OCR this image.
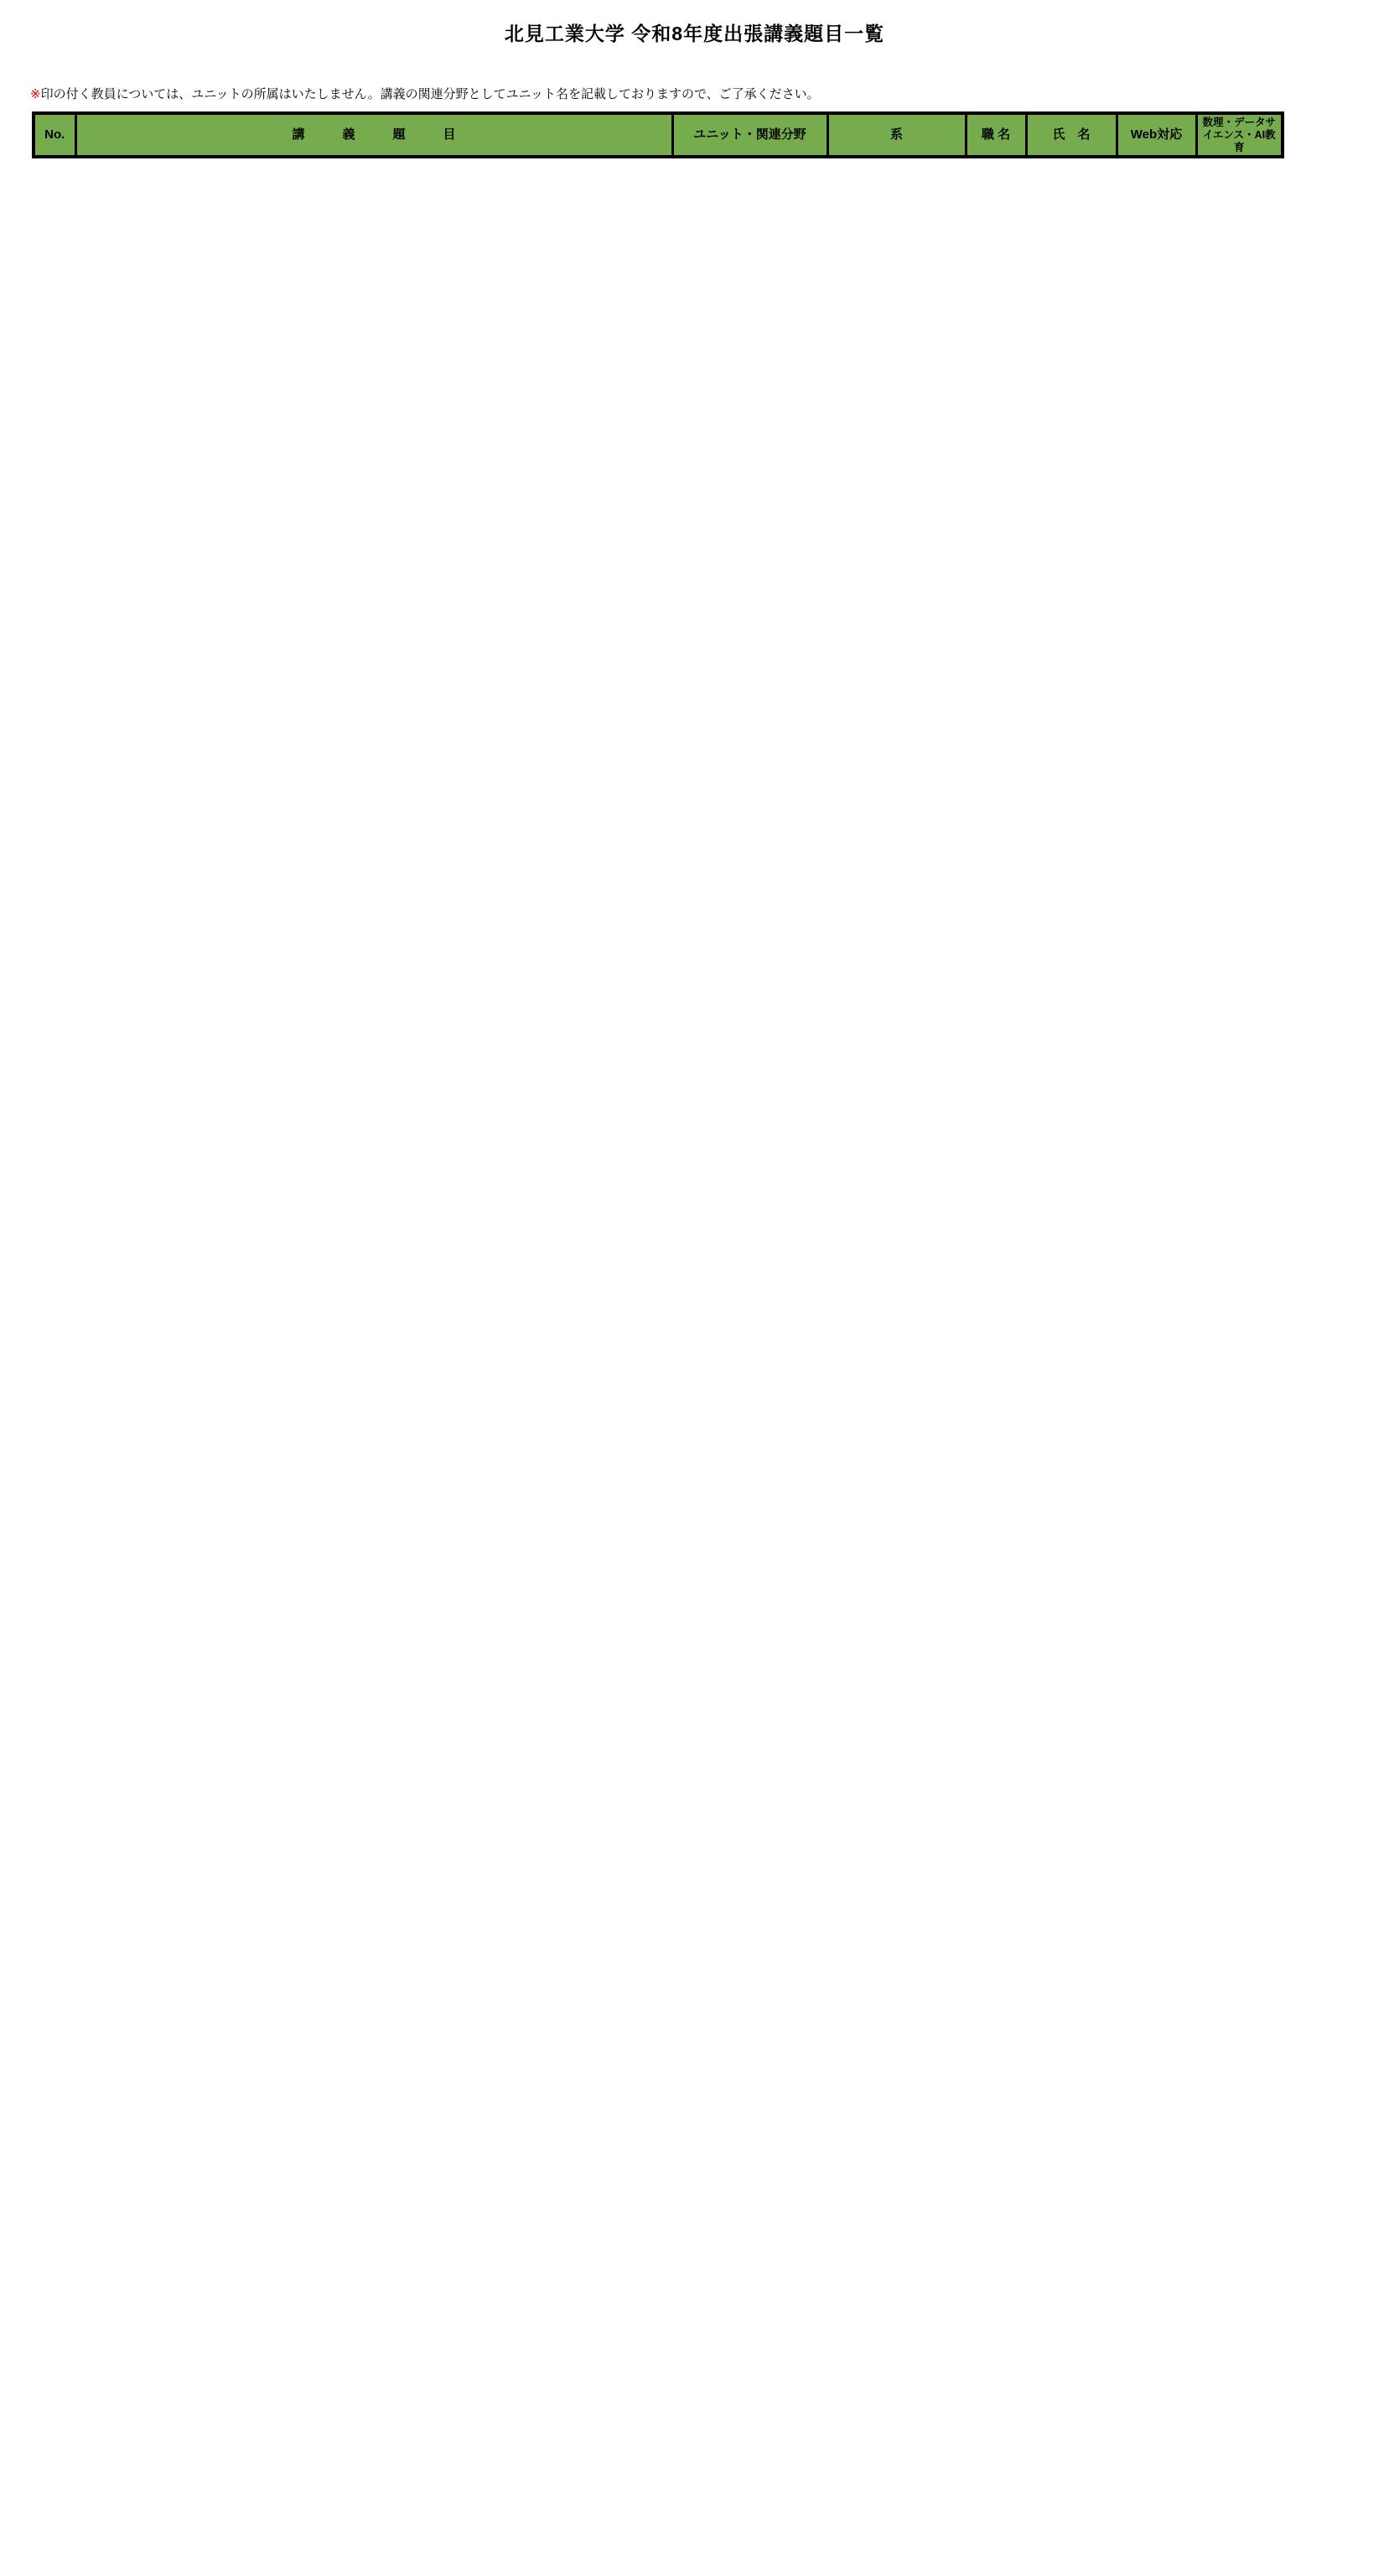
北見工業大学 令和8年度出張講義題目一覧
※印の付く教員については、ユニットの所属はいたしません。講義の関連分野としてユニット名を記載しておりますので、ご了承ください。
No.	講　　　義　　　題　　　目	ユニット・関連分野	系	職 名	氏　名	Web対応	数理・データサイエンス・AI教育
